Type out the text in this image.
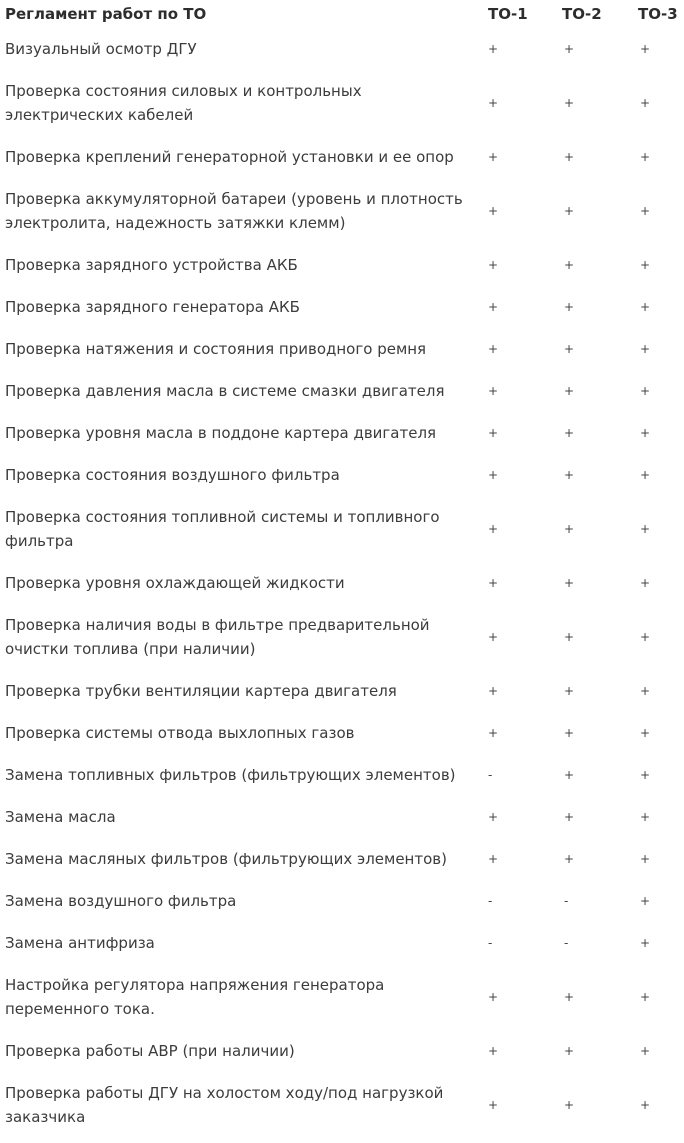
Регламент работ по ТО	ТО-1	ТО-2	ТО-3
Визуальный осмотр ДГУ	+	+	+
Проверка состояния силовых и контрольных электрических кабелей	+	+	+
Проверка креплений генераторной установки и ее опор	+	+	+
Проверка аккумуляторной батареи (уровень и плотность электролита, надежность затяжки клемм)	+	+	+
Проверка зарядного устройства АКБ	+	+	+
Проверка зарядного генератора АКБ	+	+	+
Проверка натяжения и состояния приводного ремня	+	+	+
Проверка давления масла в системе смазки двигателя	+	+	+
Проверка уровня масла в поддоне картера двигателя	+	+	+
Проверка состояния воздушного фильтра	+	+	+
Проверка состояния топливной системы и топливного фильтра	+	+	+
Проверка уровня охлаждающей жидкости	+	+	+
Проверка наличия воды в фильтре предварительной очистки топлива (при наличии)	+	+	+
Проверка трубки вентиляции картера двигателя	+	+	+
Проверка системы отвода выхлопных газов	+	+	+
Замена топливных фильтров (фильтрующих элементов)	-	+	+
Замена масла	+	+	+
Замена масляных фильтров (фильтрующих элементов)	+	+	+
Замена воздушного фильтра	-	-	+
Замена антифриза	-	-	+
Настройка регулятора напряжения генератора переменного тока.	+	+	+
Проверка работы АВР (при наличии)	+	+	+
Проверка работы ДГУ на холостом ходу/под нагрузкой заказчика	+	+	+
